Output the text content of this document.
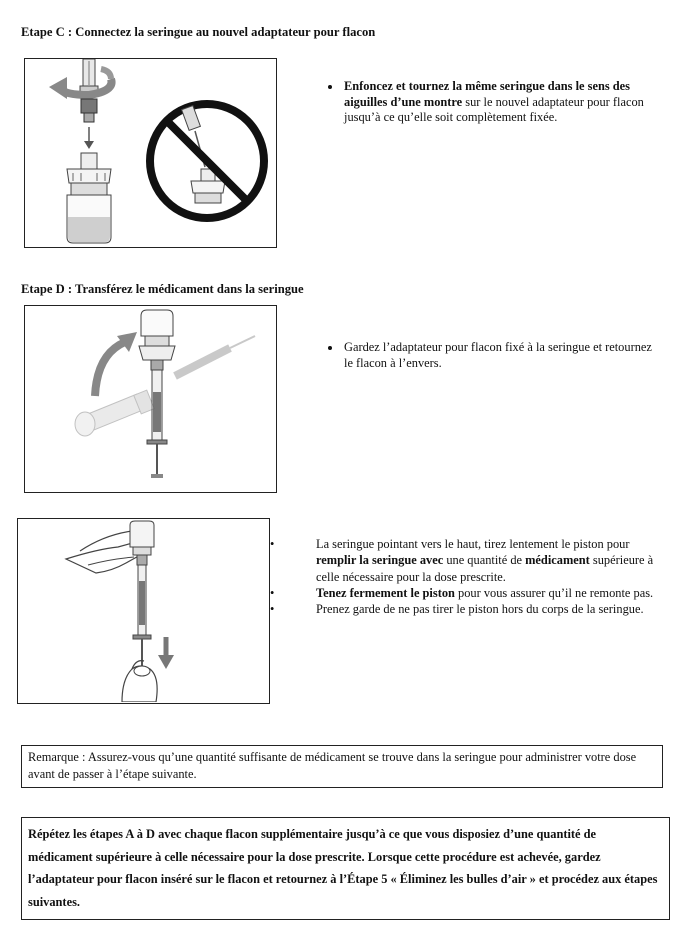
Etape C : Connectez la seringue au nouvel adaptateur pour flacon
• Enfoncez et tournez la même seringue dans le sens des aiguilles d’une montre sur le nouvel adaptateur pour flacon jusqu’à ce qu’elle soit complètement fixée.
Etape D : Transférez le médicament dans la seringue
• Gardez l’adaptateur pour flacon fixé à la seringue et retournez le flacon à l’envers.
•	La seringue pointant vers le haut, tirez lentement le piston pour remplir la seringue avec une quantité de médicament supérieure à celle nécessaire pour la dose prescrite.
•	Tenez fermement le piston pour vous assurer qu’il ne remonte pas.
•	Prenez garde de ne pas tirer le piston hors du corps de la seringue.
Remarque : Assurez-vous qu’une quantité suffisante de médicament se trouve dans la seringue pour administrer votre dose avant de passer à l’étape suivante.
Répétez les étapes A à D avec chaque flacon supplémentaire jusqu’à ce que vous disposiez d’une quantité de médicament supérieure à celle nécessaire pour la dose prescrite. Lorsque cette procédure est achevée, gardez l’adaptateur pour flacon inséré sur le flacon et retournez à l’Étape 5 « Éliminez les bulles d’air » et procédez aux étapes suivantes.
